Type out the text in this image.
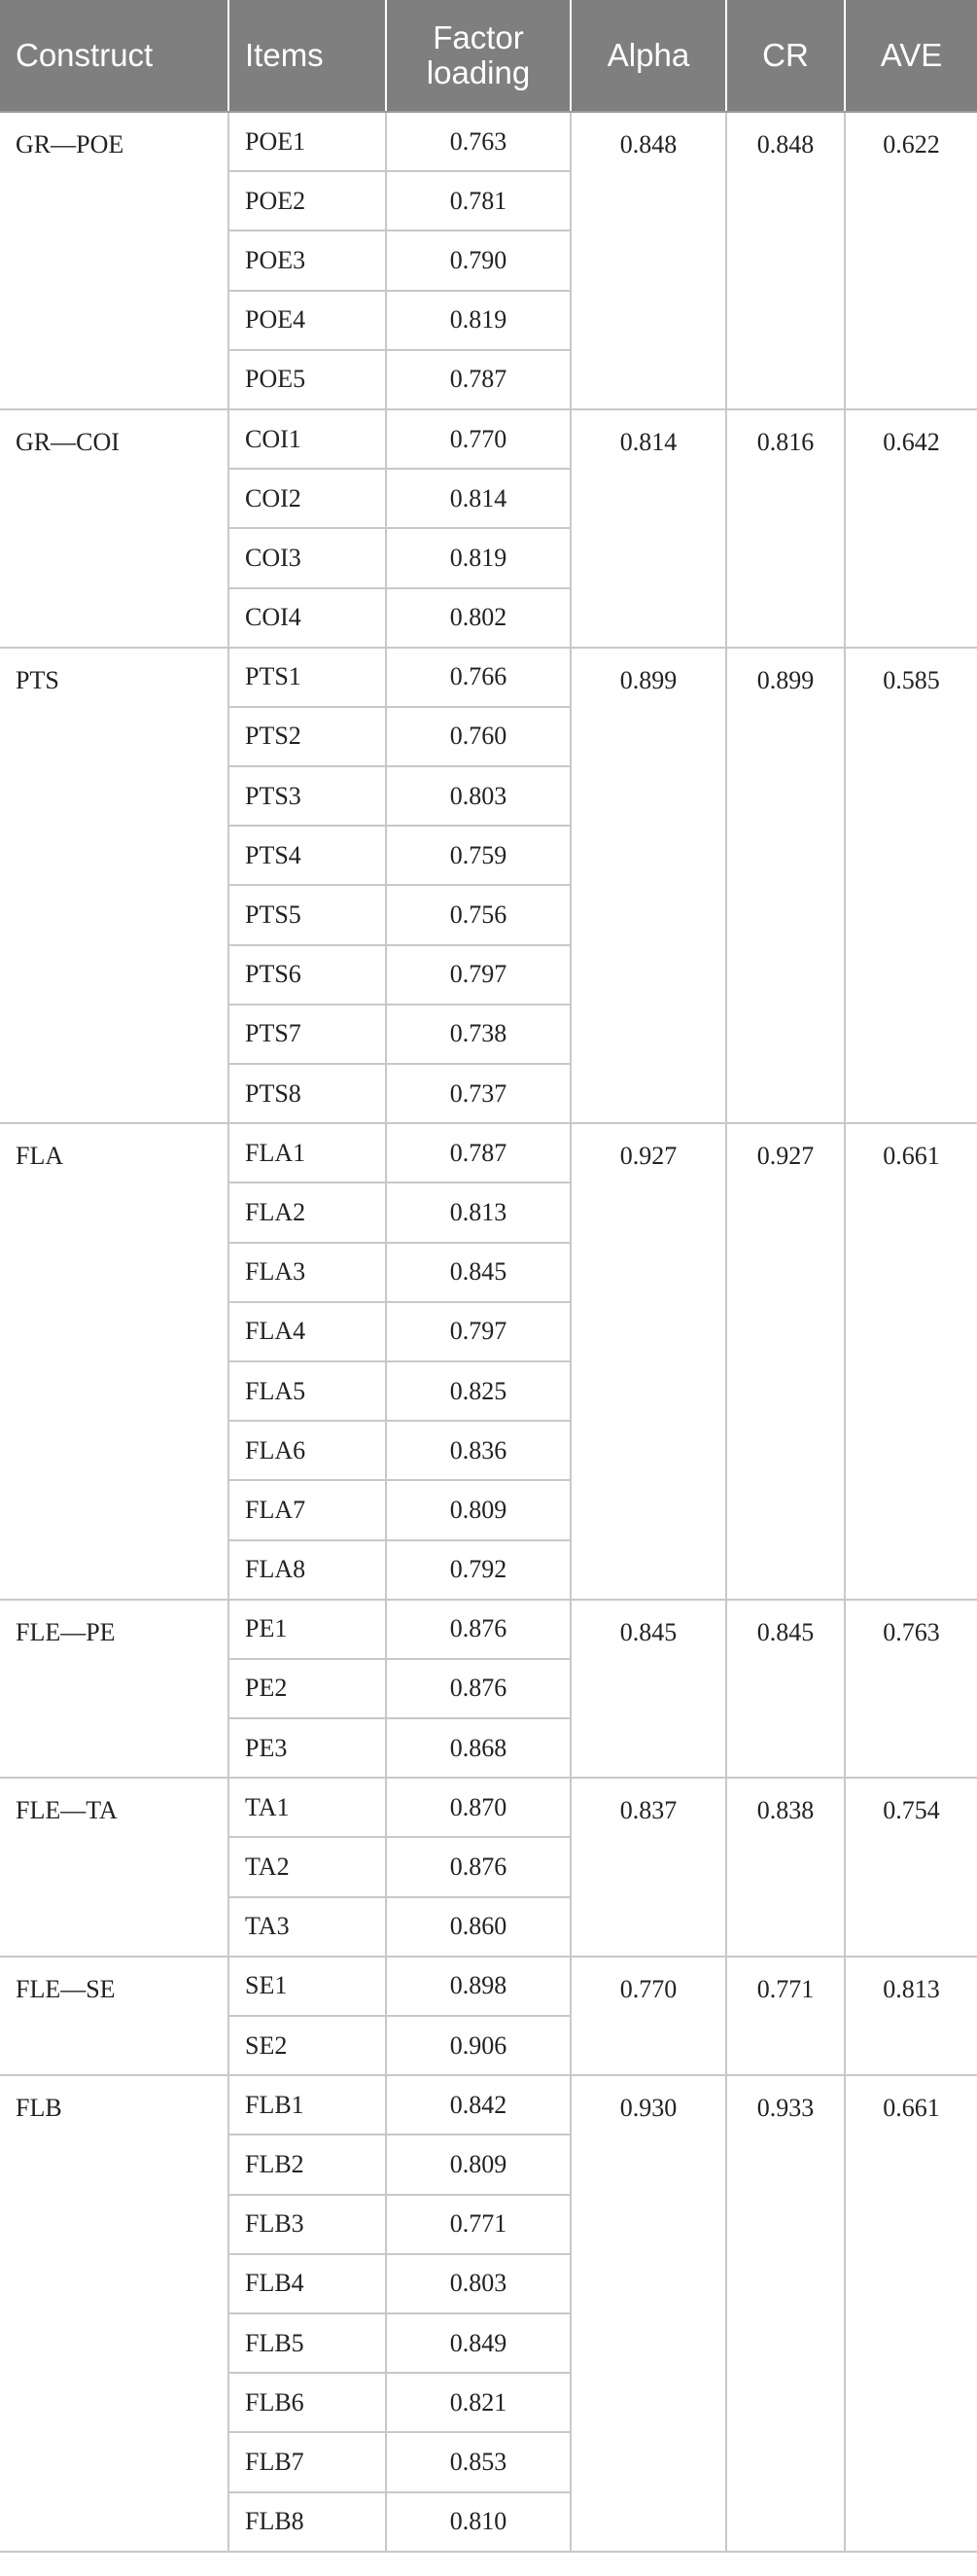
Construct	Items	Factor loading	Alpha	CR	AVE
GR—POE	POE1	0.763	0.848	0.848	0.622
	POE2	0.781			
	POE3	0.790			
	POE4	0.819			
	POE5	0.787			
GR—COI	COI1	0.770	0.814	0.816	0.642
	COI2	0.814			
	COI3	0.819			
	COI4	0.802			
PTS	PTS1	0.766	0.899	0.899	0.585
	PTS2	0.760			
	PTS3	0.803			
	PTS4	0.759			
	PTS5	0.756			
	PTS6	0.797			
	PTS7	0.738			
	PTS8	0.737			
FLA	FLA1	0.787	0.927	0.927	0.661
	FLA2	0.813			
	FLA3	0.845			
	FLA4	0.797			
	FLA5	0.825			
	FLA6	0.836			
	FLA7	0.809			
	FLA8	0.792			
FLE—PE	PE1	0.876	0.845	0.845	0.763
	PE2	0.876			
	PE3	0.868			
FLE—TA	TA1	0.870	0.837	0.838	0.754
	TA2	0.876			
	TA3	0.860			
FLE—SE	SE1	0.898	0.770	0.771	0.813
	SE2	0.906			
FLB	FLB1	0.842	0.930	0.933	0.661
	FLB2	0.809			
	FLB3	0.771			
	FLB4	0.803			
	FLB5	0.849			
	FLB6	0.821			
	FLB7	0.853			
	FLB8	0.810			
